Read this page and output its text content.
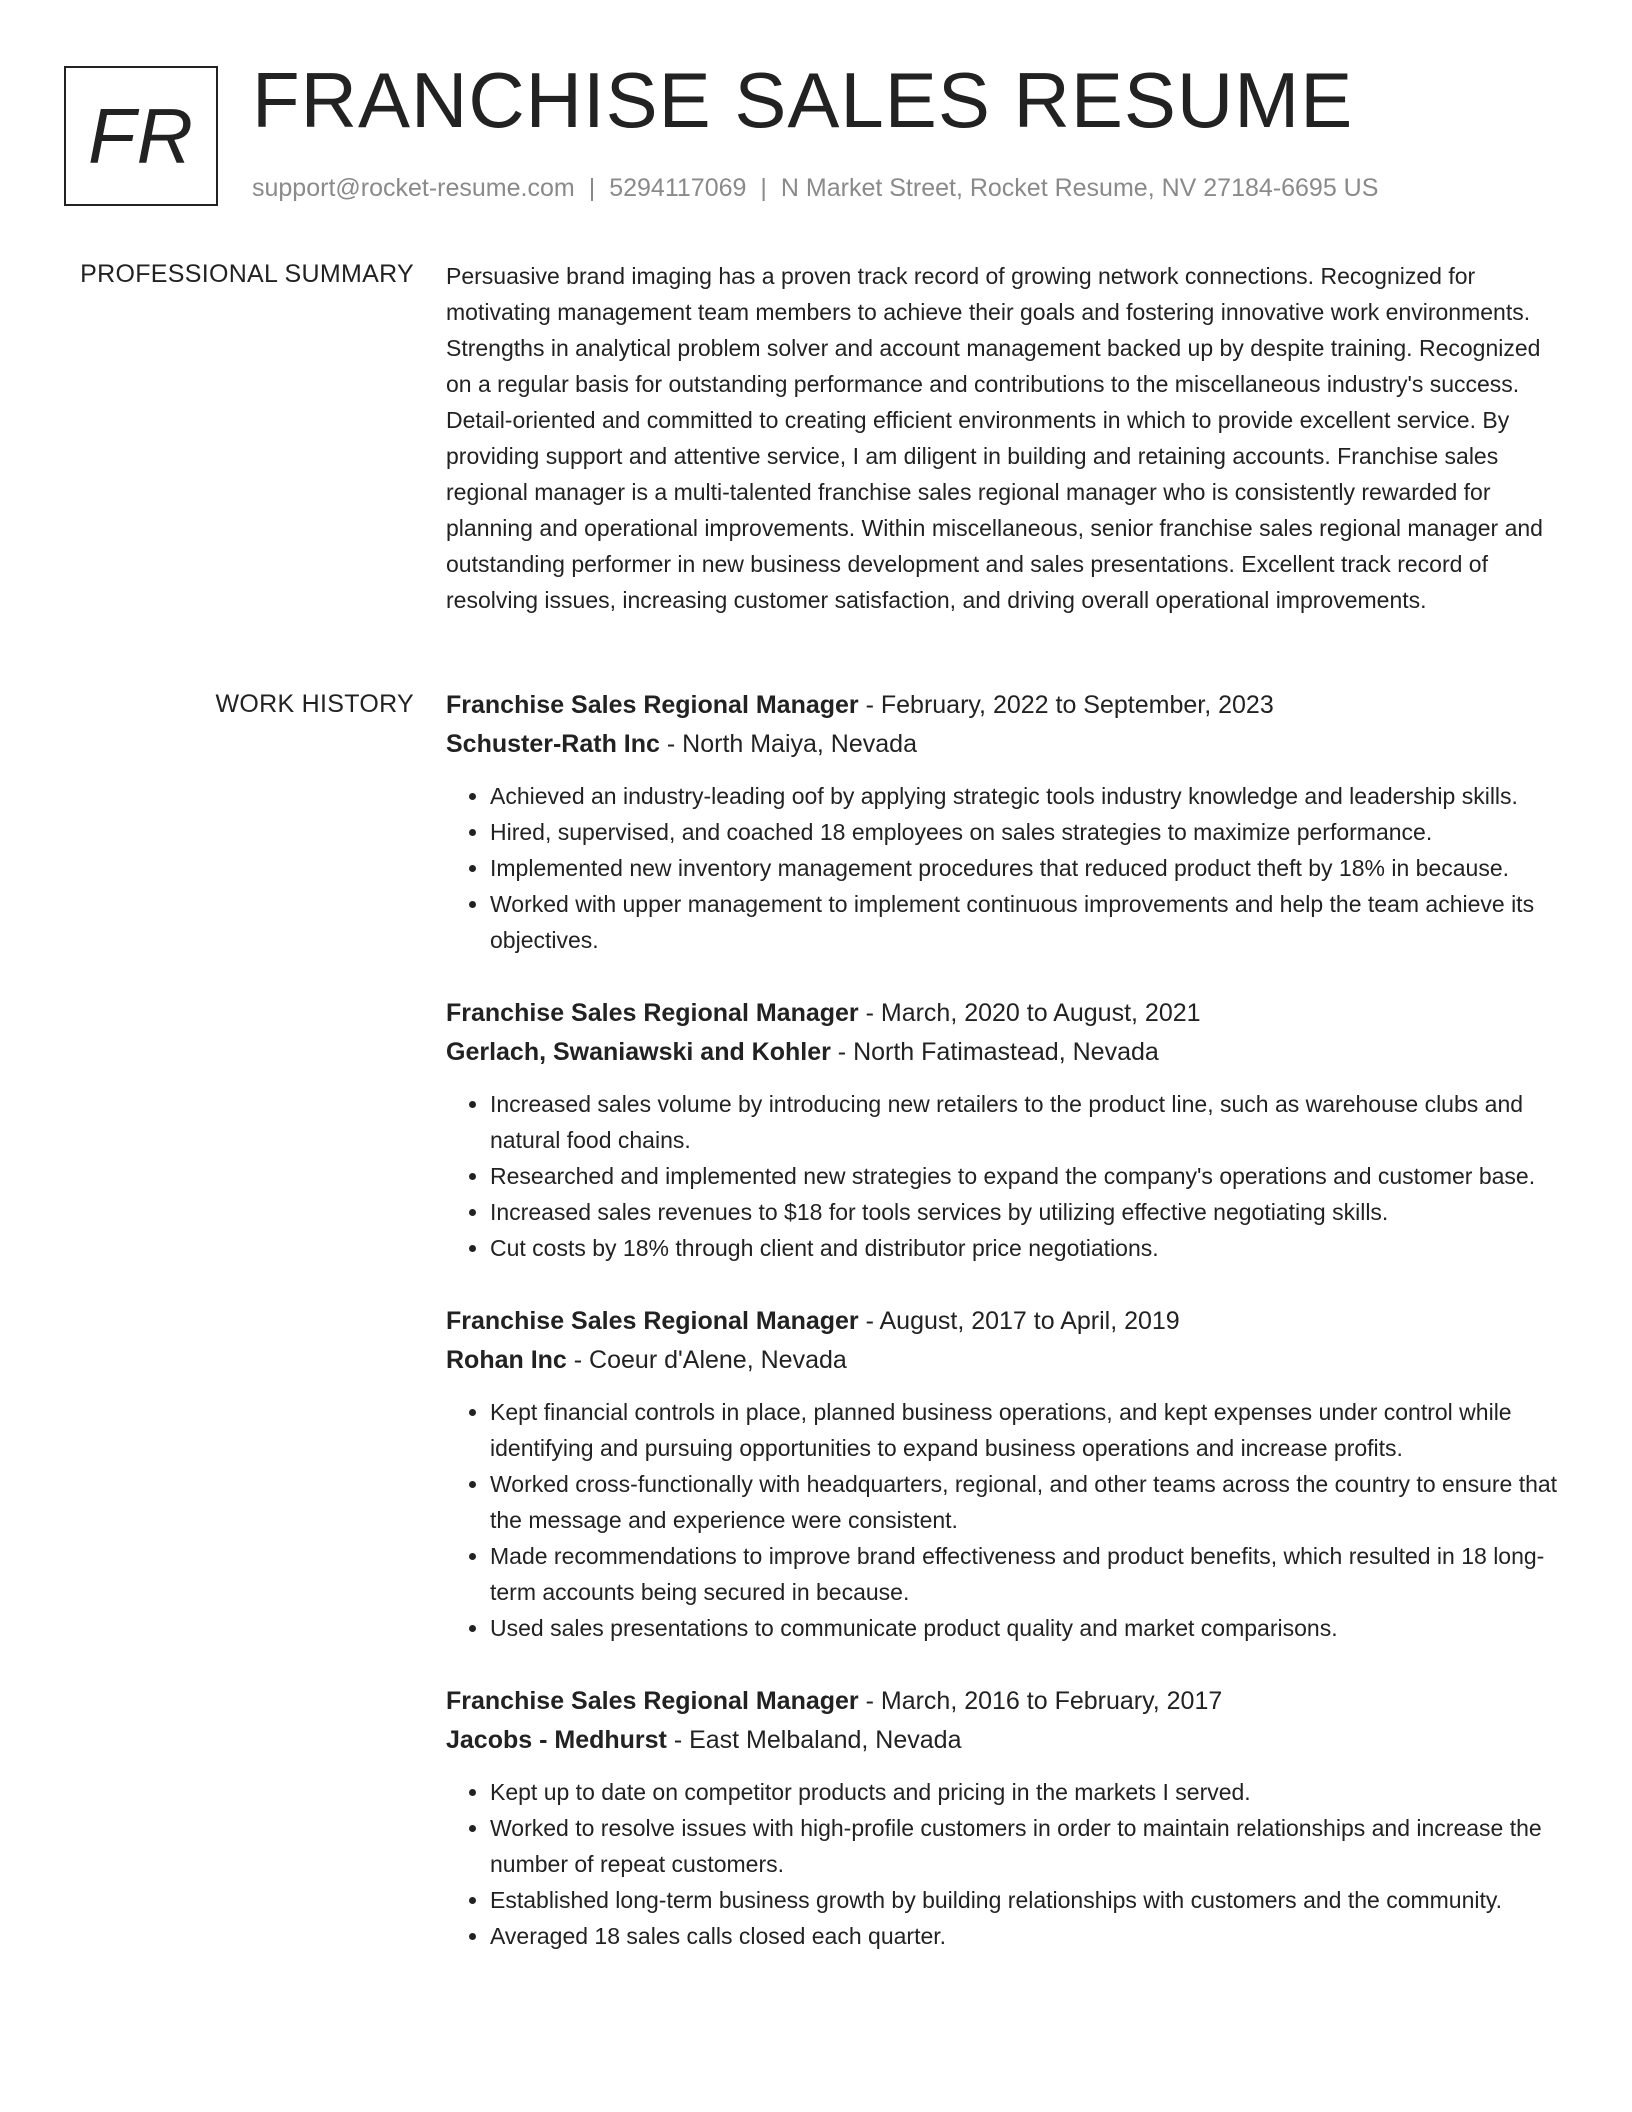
FR FRANCHISE SALES RESUME
support@rocket-resume.com | 5294117069 | N Market Street, Rocket Resume, NV 27184-6695 US
PROFESSIONAL SUMMARY Persuasive brand imaging has a proven track record of growing network connections. Recognized for motivating management team members to achieve their goals and fostering innovative work environments. Strengths in analytical problem solver and account management backed up by despite training. Recognized on a regular basis for outstanding performance and contributions to the miscellaneous industry's success. Detail-oriented and committed to creating efficient environments in which to provide excellent service. By providing support and attentive service, I am diligent in building and retaining accounts. Franchise sales regional manager is a multi-talented franchise sales regional manager who is consistently rewarded for planning and operational improvements. Within miscellaneous, senior franchise sales regional manager and outstanding performer in new business development and sales presentations. Excellent track record of resolving issues, increasing customer satisfaction, and driving overall operational improvements.

WORK HISTORY Franchise Sales Regional Manager - February, 2022 to September, 2023
Schuster-Rath Inc - North Maiya, Nevada
• Achieved an industry-leading oof by applying strategic tools industry knowledge and leadership skills.
• Hired, supervised, and coached 18 employees on sales strategies to maximize performance.
• Implemented new inventory management procedures that reduced product theft by 18% in because.
• Worked with upper management to implement continuous improvements and help the team achieve its objectives.
Franchise Sales Regional Manager - March, 2020 to August, 2021
Gerlach, Swaniawski and Kohler - North Fatimastead, Nevada
• Increased sales volume by introducing new retailers to the product line, such as warehouse clubs and natural food chains.
• Researched and implemented new strategies to expand the company's operations and customer base.
• Increased sales revenues to $18 for tools services by utilizing effective negotiating skills.
• Cut costs by 18% through client and distributor price negotiations.
Franchise Sales Regional Manager - August, 2017 to April, 2019
Rohan Inc - Coeur d'Alene, Nevada
• Kept financial controls in place, planned business operations, and kept expenses under control while identifying and pursuing opportunities to expand business operations and increase profits.
• Worked cross-functionally with headquarters, regional, and other teams across the country to ensure that the message and experience were consistent.
• Made recommendations to improve brand effectiveness and product benefits, which resulted in 18 long-term accounts being secured in because.
• Used sales presentations to communicate product quality and market comparisons.
Franchise Sales Regional Manager - March, 2016 to February, 2017
Jacobs - Medhurst - East Melbaland, Nevada
• Kept up to date on competitor products and pricing in the markets I served.
• Worked to resolve issues with high-profile customers in order to maintain relationships and increase the number of repeat customers.
• Established long-term business growth by building relationships with customers and the community.
• Averaged 18 sales calls closed each quarter.
